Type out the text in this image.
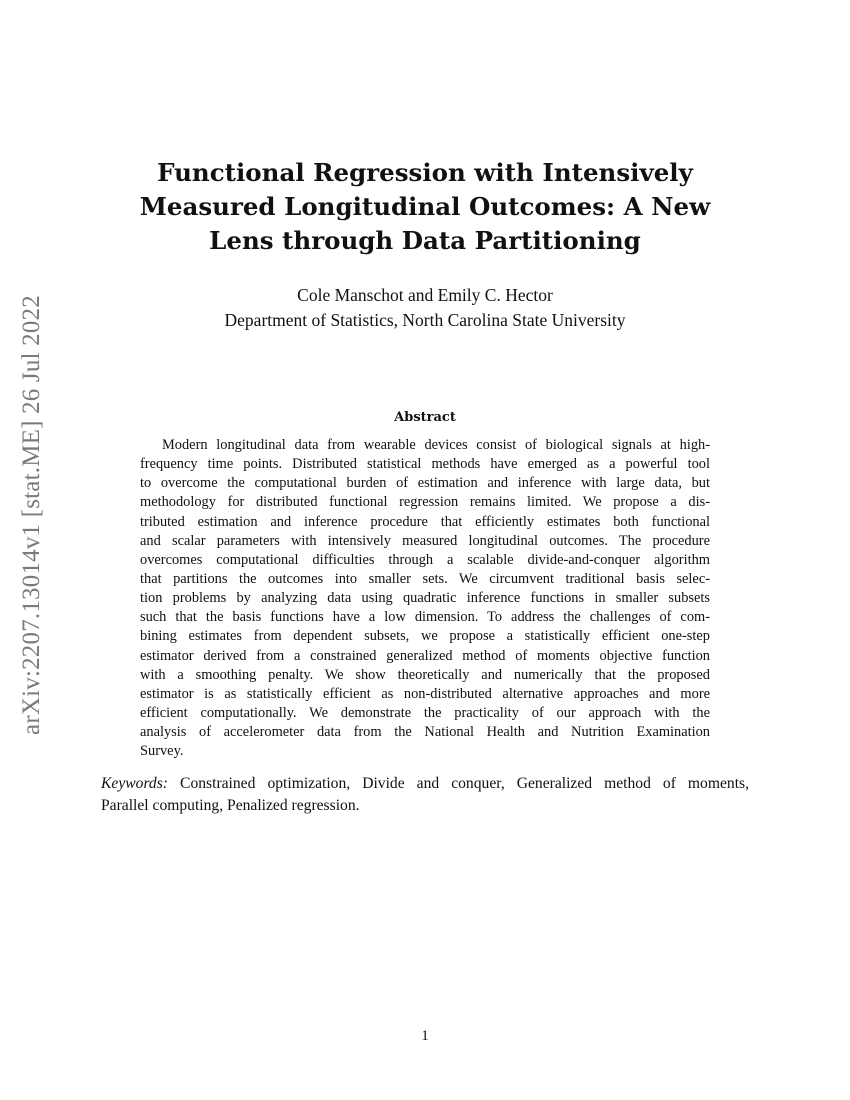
arXiv:2207.13014v1 [stat.ME] 26 Jul 2022
Functional Regression with Intensively
Measured Longitudinal Outcomes: A New
Lens through Data Partitioning
Cole Manschot and Emily C. Hector
Department of Statistics, North Carolina State University
Abstract
Modern longitudinal data from wearable devices consist of biological signals at high-
frequency time points. Distributed statistical methods have emerged as a powerful tool
to overcome the computational burden of estimation and inference with large data, but
methodology for distributed functional regression remains limited. We propose a dis-
tributed estimation and inference procedure that efficiently estimates both functional
and scalar parameters with intensively measured longitudinal outcomes. The procedure
overcomes computational difficulties through a scalable divide-and-conquer algorithm
that partitions the outcomes into smaller sets. We circumvent traditional basis selec-
tion problems by analyzing data using quadratic inference functions in smaller subsets
such that the basis functions have a low dimension. To address the challenges of com-
bining estimates from dependent subsets, we propose a statistically efficient one-step
estimator derived from a constrained generalized method of moments objective function
with a smoothing penalty. We show theoretically and numerically that the proposed
estimator is as statistically efficient as non-distributed alternative approaches and more
efficient computationally. We demonstrate the practicality of our approach with the
analysis of accelerometer data from the National Health and Nutrition Examination
Survey.
Keywords: Constrained optimization, Divide and conquer, Generalized method of moments,
Parallel computing, Penalized regression.
1
